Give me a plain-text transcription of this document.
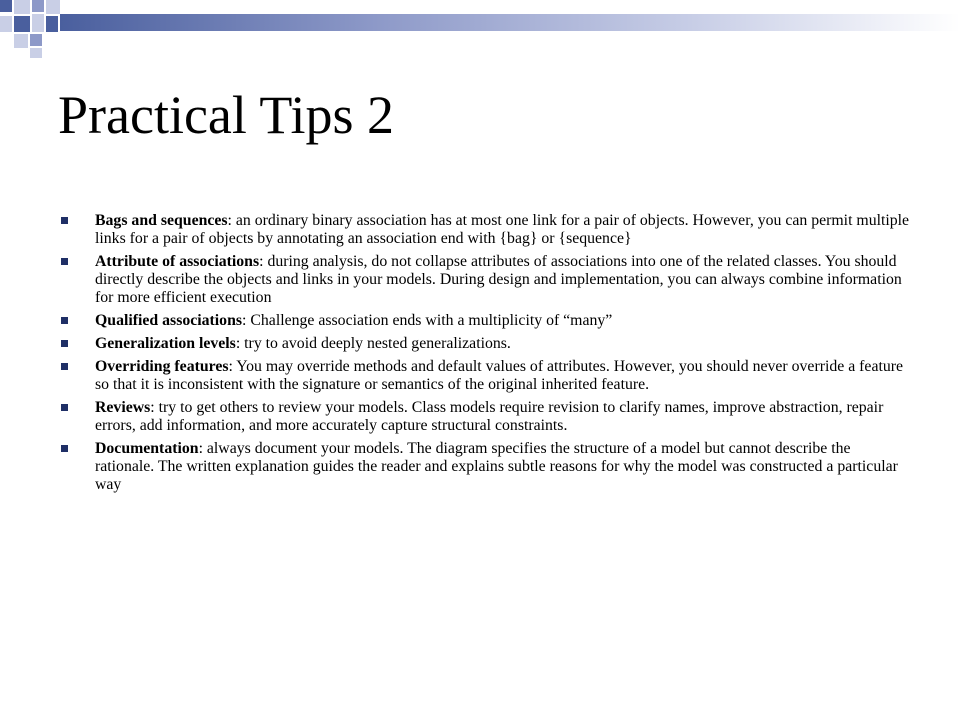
Practical Tips 2
Bags and sequences: an ordinary binary association has at most one link for a pair of objects. However, you can permit multiple links for a pair of objects by annotating an association end with {bag} or {sequence}
Attribute of associations: during analysis, do not collapse attributes of associations into one of the related classes. You should directly describe the objects and links in your models. During design and implementation, you can always combine information for more efficient execution
Qualified associations: Challenge association ends with a multiplicity of “many”
Generalization levels: try to avoid deeply nested generalizations.
Overriding features: You may override methods and default values of attributes. However, you should never override a feature so that it is inconsistent with the signature or semantics of the original inherited feature.
Reviews: try to get others to review your models. Class models require revision to clarify names, improve abstraction, repair errors, add information, and more accurately capture structural constraints.
Documentation: always document your models. The diagram specifies the structure of a model but cannot describe the rationale. The written explanation guides the reader and explains subtle reasons for why the model was constructed a particular way
